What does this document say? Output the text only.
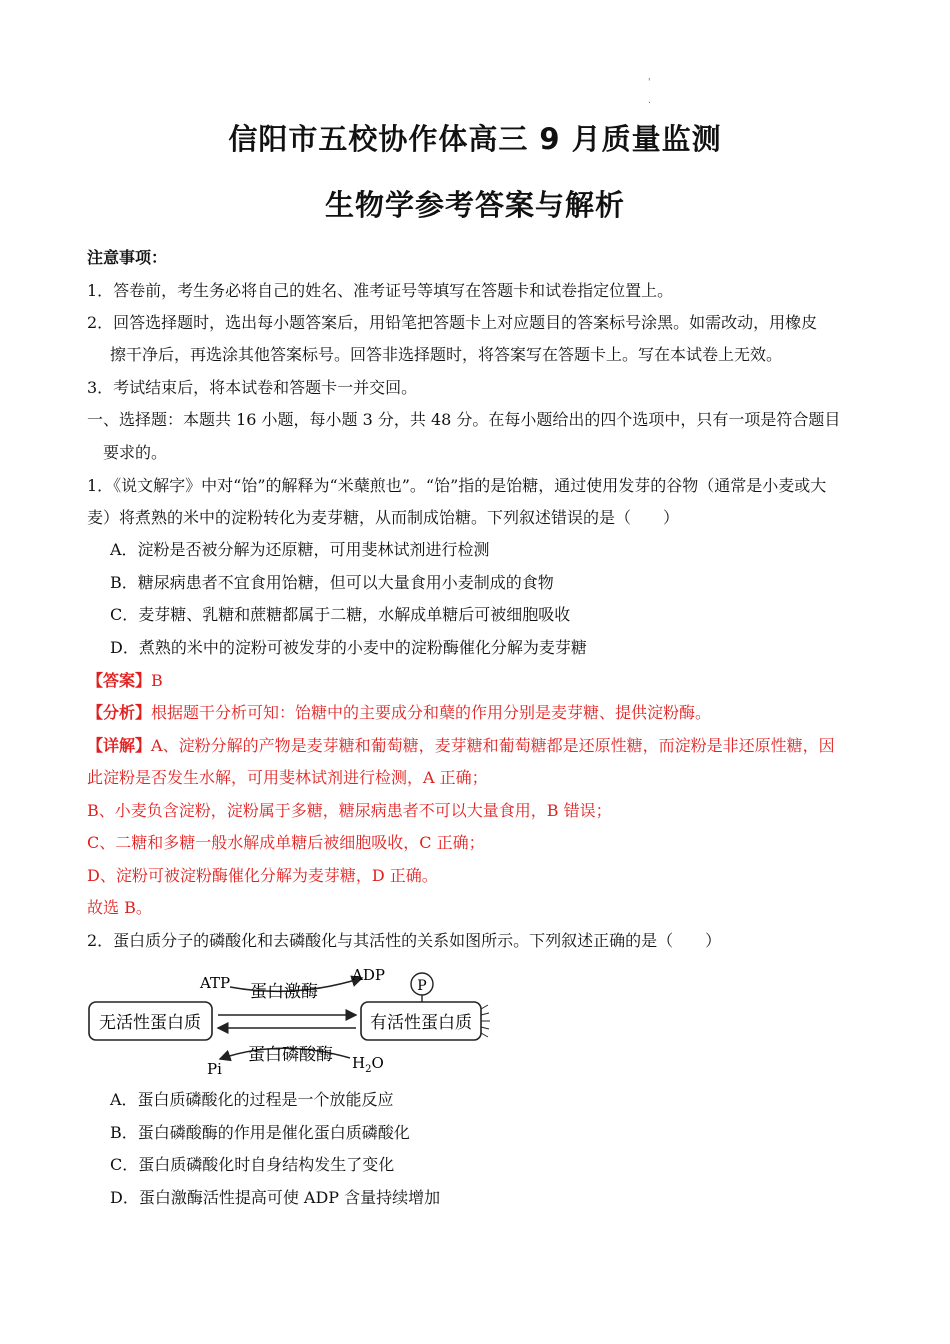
'
.
信阳市五校协作体高三 9 月质量监测
生物学参考答案与解析
注意事项：
1．答卷前，考生务必将自己的姓名、准考证号等填写在答题卡和试卷指定位置上。
2．回答选择题时，选出每小题答案后，用铅笔把答题卡上对应题目的答案标号涂黑。如需改动，用橡皮
擦干净后，再选涂其他答案标号。回答非选择题时，将答案写在答题卡上。写在本试卷上无效。
3．考试结束后，将本试卷和答题卡一并交回。
一、选择题：本题共 16 小题，每小题 3 分，共 48 分。在每小题给出的四个选项中，只有一项是符合题目
要求的。
1．《说文解字》中对“饴”的解释为“米蘖煎也”。“饴”指的是饴糖，通过使用发芽的谷物（通常是小麦或大
麦）将煮熟的米中的淀粉转化为麦芽糖，从而制成饴糖。下列叙述错误的是（　　）
A．淀粉是否被分解为还原糖，可用斐林试剂进行检测
B．糖尿病患者不宜食用饴糖，但可以大量食用小麦制成的食物
C．麦芽糖、乳糖和蔗糖都属于二糖，水解成单糖后可被细胞吸收
D．煮熟的米中的淀粉可被发芽的小麦中的淀粉酶催化分解为麦芽糖
【答案】B
【分析】根据题干分析可知：饴糖中的主要成分和蘖的作用分别是麦芽糖、提供淀粉酶。
【详解】A、淀粉分解的产物是麦芽糖和葡萄糖，麦芽糖和葡萄糖都是还原性糖，而淀粉是非还原性糖，因
此淀粉是否发生水解，可用斐林试剂进行检测，A 正确；
B、小麦负含淀粉，淀粉属于多糖，糖尿病患者不可以大量食用，B 错误；
C、二糖和多糖一般水解成单糖后被细胞吸收，C 正确；
D、淀粉可被淀粉酶催化分解为麦芽糖，D 正确。
故选 B。
2．蛋白质分子的磷酸化和去磷酸化与其活性的关系如图所示。下列叙述正确的是（　　）
无活性蛋白质	有活性蛋白质
ATP	ADP
蛋白激酶	P
蛋白磷酸酶
Pi	$H_2O$
A．蛋白质磷酸化的过程是一个放能反应
B．蛋白磷酸酶的作用是催化蛋白质磷酸化
C．蛋白质磷酸化时自身结构发生了变化
D．蛋白激酶活性提高可使 ADP 含量持续增加
